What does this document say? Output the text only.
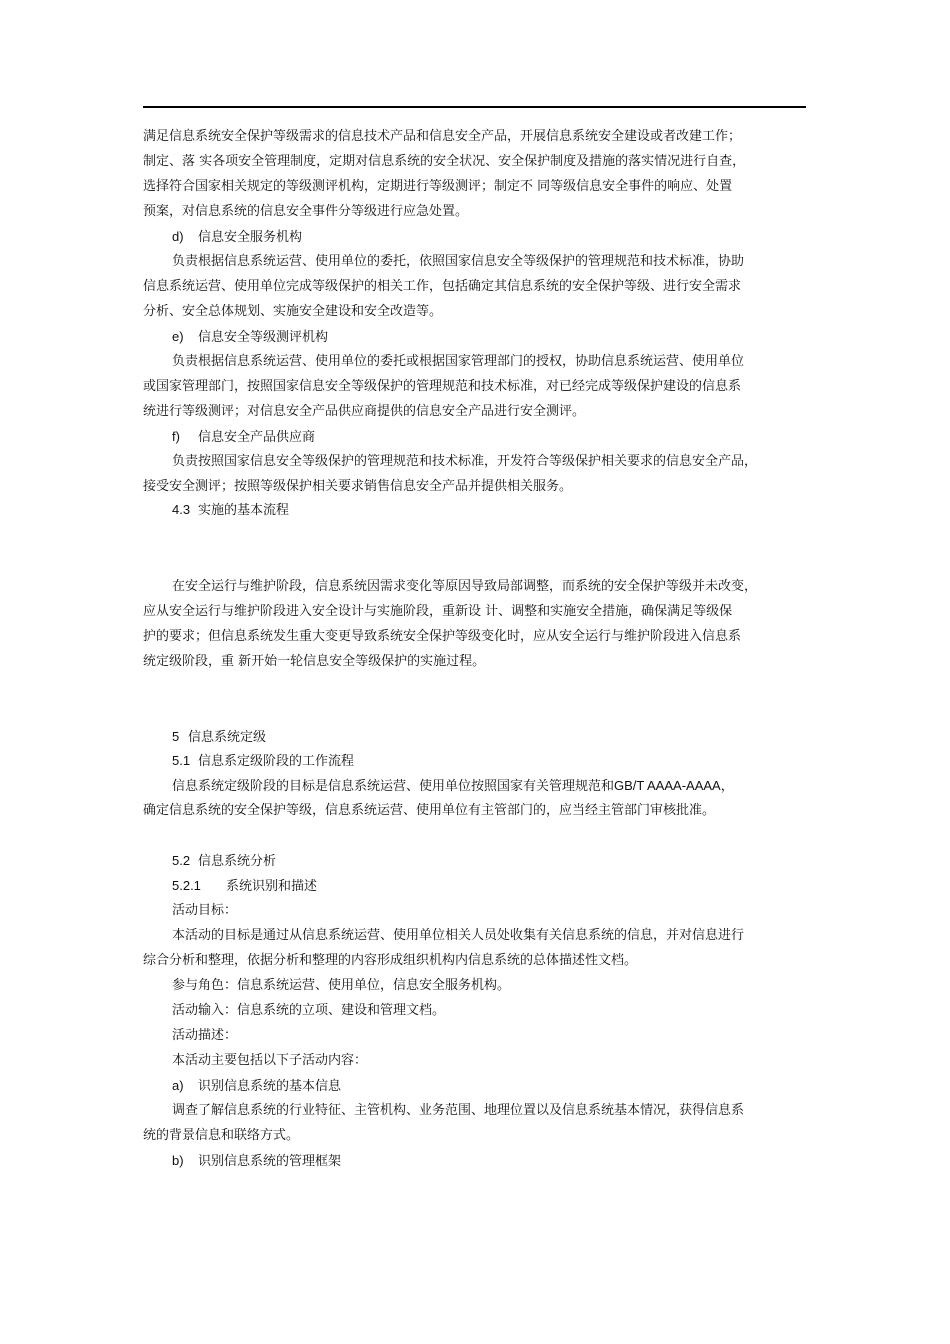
满足信息系统安全保护等级需求的信息技术产品和信息安全产品，开展信息系统安全建设或者改建工作；
制定、落 实各项安全管理制度，定期对信息系统的安全状况、安全保护制度及措施的落实情况进行自查，
选择符合国家相关规定的等级测评机构，定期进行等级测评；制定不 同等级信息安全事件的响应、处置
预案，对信息系统的信息安全事件分等级进行应急处置。
d) 信息安全服务机构
负责根据信息系统运营、使用单位的委托，依照国家信息安全等级保护的管理规范和技术标准，协助
信息系统运营、使用单位完成等级保护的相关工作，包括确定其信息系统的安全保护等级、进行安全需求
分析、安全总体规划、实施安全建设和安全改造等。
e) 信息安全等级测评机构
负责根据信息系统运营、使用单位的委托或根据国家管理部门的授权，协助信息系统运营、使用单位
或国家管理部门，按照国家信息安全等级保护的管理规范和技术标准，对已经完成等级保护建设的信息系
统进行等级测评；对信息安全产品供应商提供的信息安全产品进行安全测评。
f) 信息安全产品供应商
负责按照国家信息安全等级保护的管理规范和技术标准，开发符合等级保护相关要求的信息安全产品，
接受安全测评；按照等级保护相关要求销售信息安全产品并提供相关服务。
4.3 实施的基本流程
在安全运行与维护阶段，信息系统因需求变化等原因导致局部调整，而系统的安全保护等级并未改变，
应从安全运行与维护阶段进入安全设计与实施阶段，重新设 计、调整和实施安全措施，确保满足等级保
护的要求；但信息系统发生重大变更导致系统安全保护等级变化时，应从安全运行与维护阶段进入信息系
统定级阶段，重 新开始一轮信息安全等级保护的实施过程。
5 信息系统定级
5.1 信息系定级阶段的工作流程
信息系统定级阶段的目标是信息系统运营、使用单位按照国家有关管理规范和GB/T AAAA-AAAA，
确定信息系统的安全保护等级，信息系统运营、使用单位有主管部门的，应当经主管部门审核批准。
5.2 信息系统分析
5.2.1 系统识别和描述
活动目标：
本活动的目标是通过从信息系统运营、使用单位相关人员处收集有关信息系统的信息，并对信息进行
综合分析和整理，依据分析和整理的内容形成组织机构内信息系统的总体描述性文档。
参与角色：信息系统运营、使用单位，信息安全服务机构。
活动输入：信息系统的立项、建设和管理文档。
活动描述：
本活动主要包括以下子活动内容：
a) 识别信息系统的基本信息
调查了解信息系统的行业特征、主管机构、业务范围、地理位置以及信息系统基本情况，获得信息系
统的背景信息和联络方式。
b) 识别信息系统的管理框架
